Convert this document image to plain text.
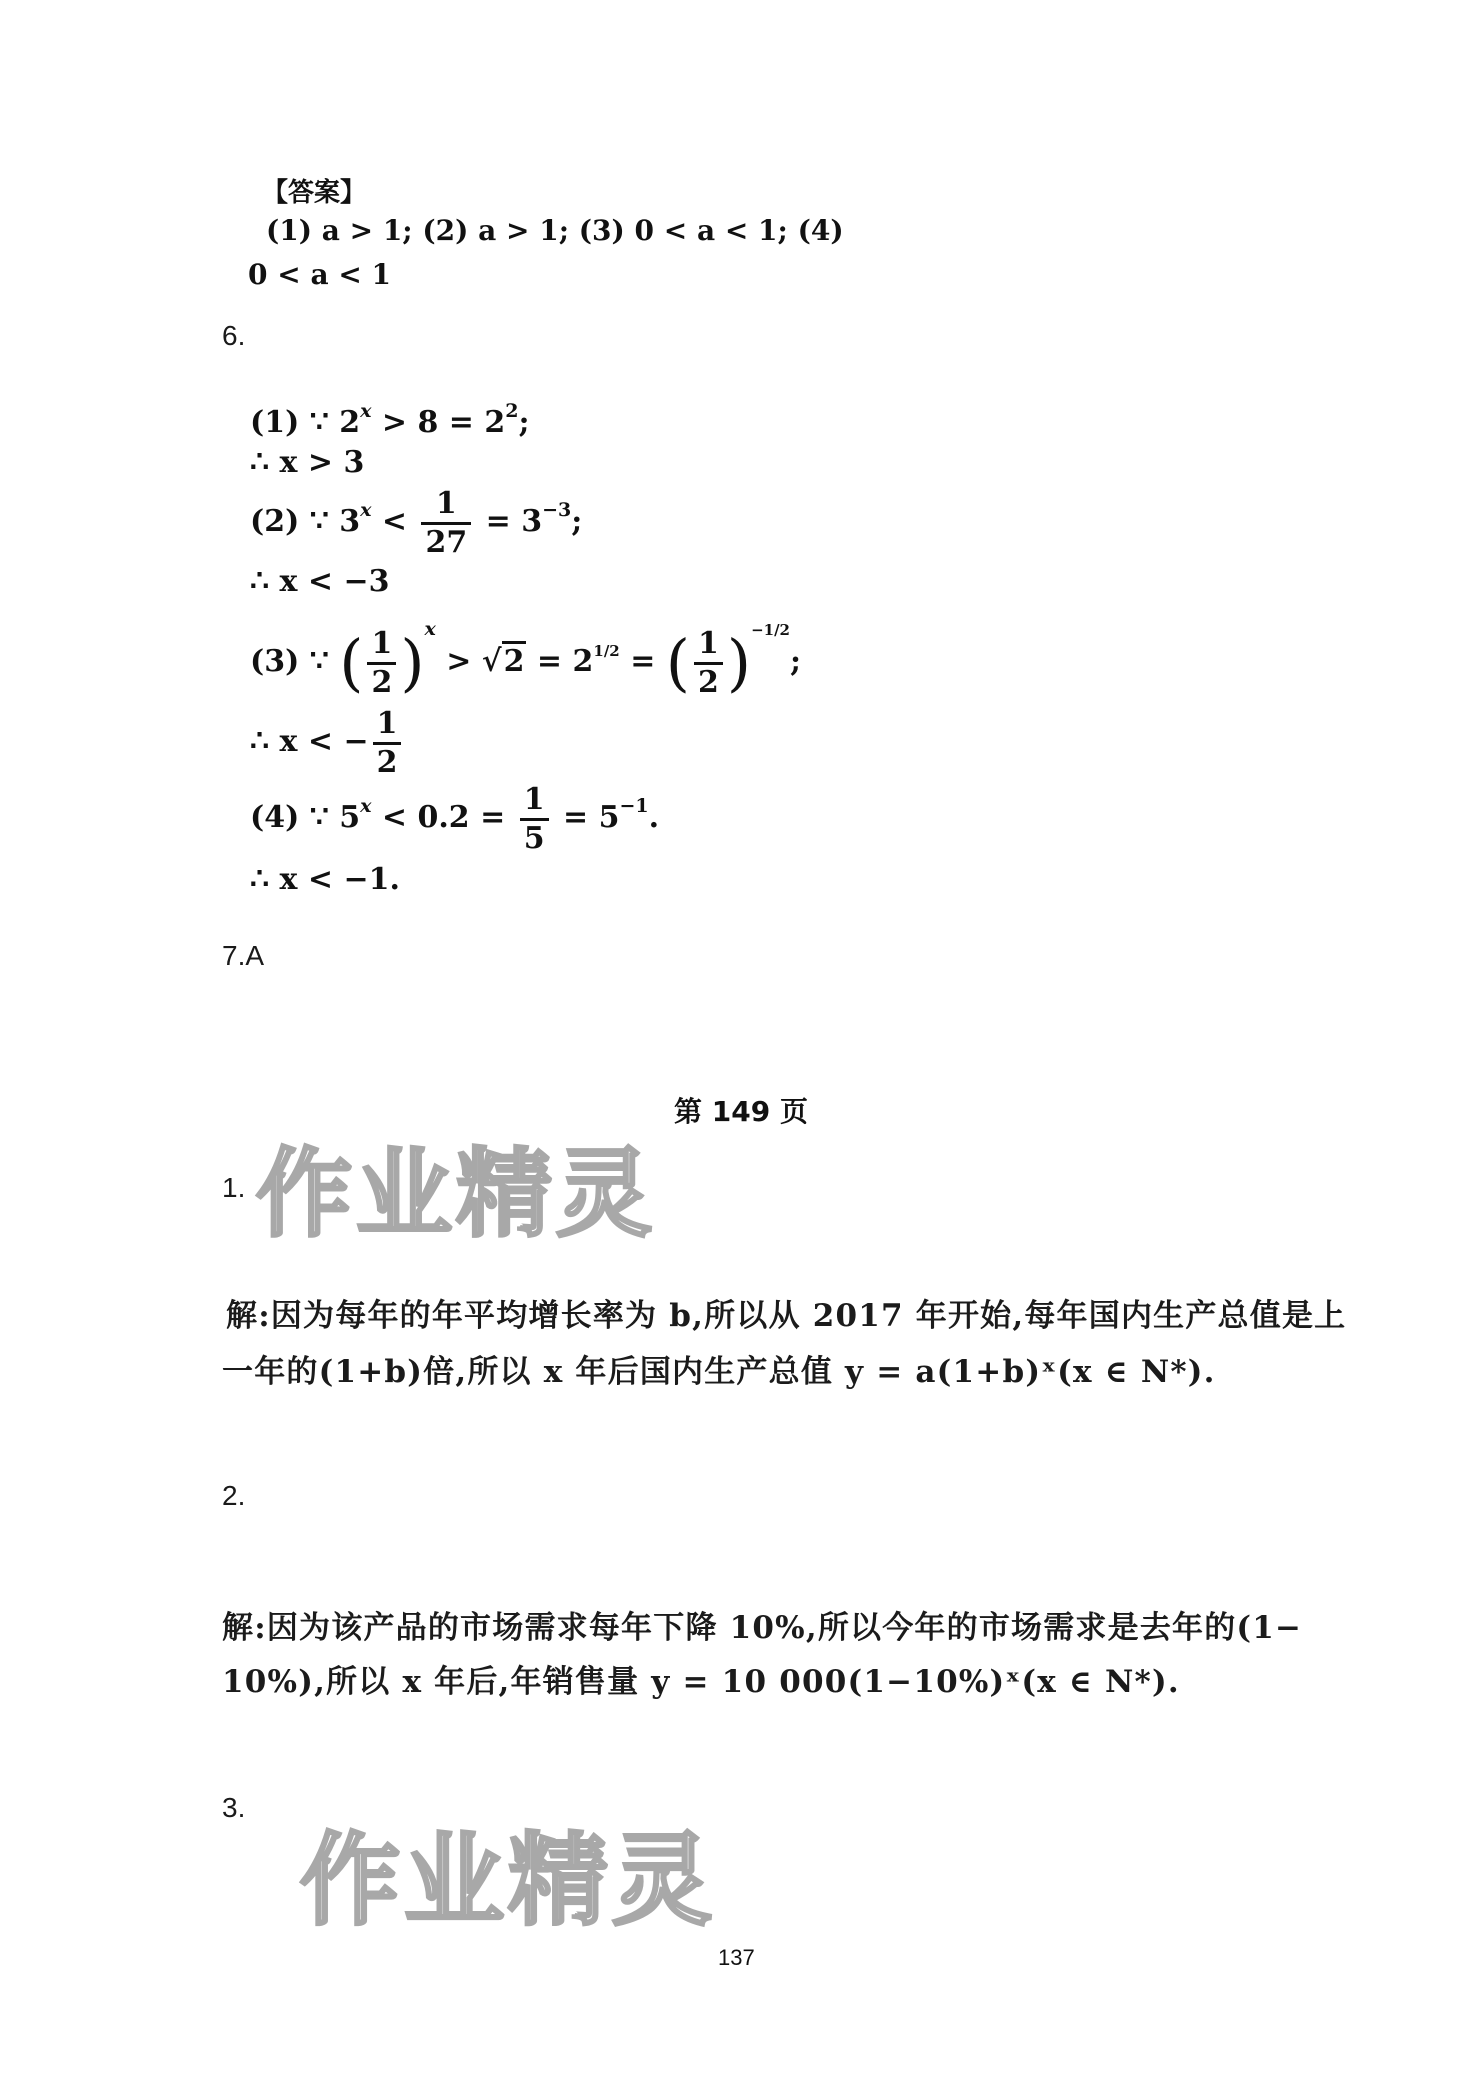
【答案】
(1) a > 1; (2) a > 1; (3) 0 < a < 1; (4)
0 < a < 1
6.
(1) ∵ $2^x > 8 = 2^2$;
∴ x > 3
(2) ∵ $3^x < \frac{1}{27} = 3^{-3}$;
∴ x < −3
(3) ∵ ( $\frac{1}{2} )^x > √2 = 2^{1/2}$ = ( $\frac{1}{2} )^{-1/2}$;
∴ x < − $\frac{1}{2}$
(4) ∵ $5^x < 0.2 = \frac{1}{5} = 5^{-1}$.
∴ x < −1.
7.A
第 149 页
作业精灵
1.
解:因为每年的年平均增长率为 b,所以从 2017 年开始,每年国内生产总值是上
一年的(1+b)倍,所以 x 年后国内生产总值 y = a(1+b)ˣ(x ∈ N*).
2.
解:因为该产品的市场需求每年下降 10%,所以今年的市场需求是去年的(1−
10%),所以 x 年后,年销售量 y = 10 000(1−10%)ˣ(x ∈ N*).
3.
作业精灵
137
